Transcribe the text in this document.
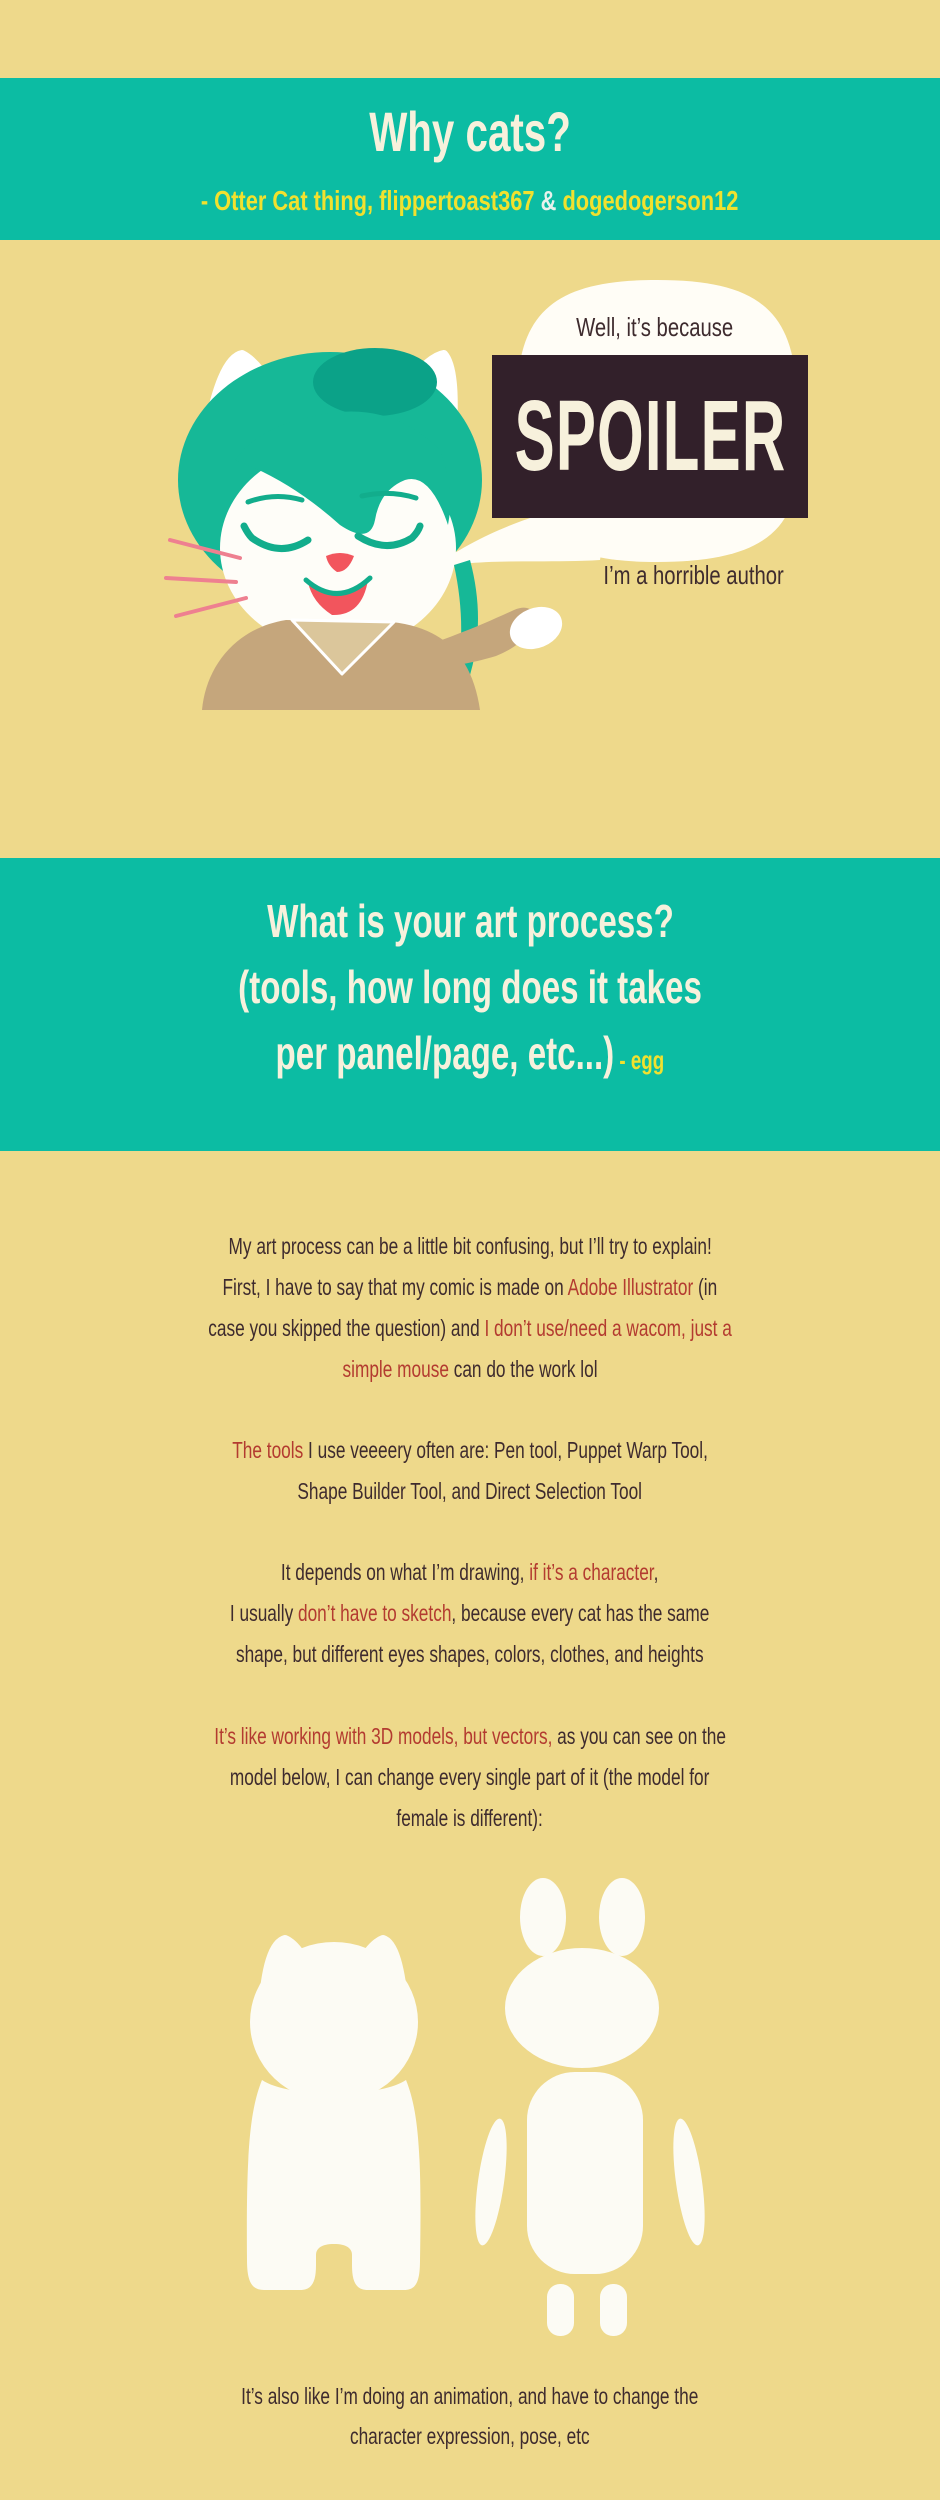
Why cats?
- Otter Cat thing, flippertoast367 & dogedogerson12
Well, it’s because
SPOILER
I’m a horrible author
What is your art process?
(tools, how long does it takes
per panel/page, etc...) - egg
My art process can be a little bit confusing, but I’ll try to explain!
First, I have to say that my comic is made on Adobe Illustrator (in
case you skipped the question) and I don’t use/need a wacom, just a
simple mouse can do the work lol
The tools I use veeeery often are: Pen tool, Puppet Warp Tool,
Shape Builder Tool, and Direct Selection Tool
It depends on what I’m drawing, if it’s a character,
I usually don’t have to sketch, because every cat has the same
shape, but different eyes shapes, colors, clothes, and heights
It’s like working with 3D models, but vectors, as you can see on the
model below, I can change every single part of it (the model for
female is different):
It’s also like I’m doing an animation, and have to change the
character expression, pose, etc
